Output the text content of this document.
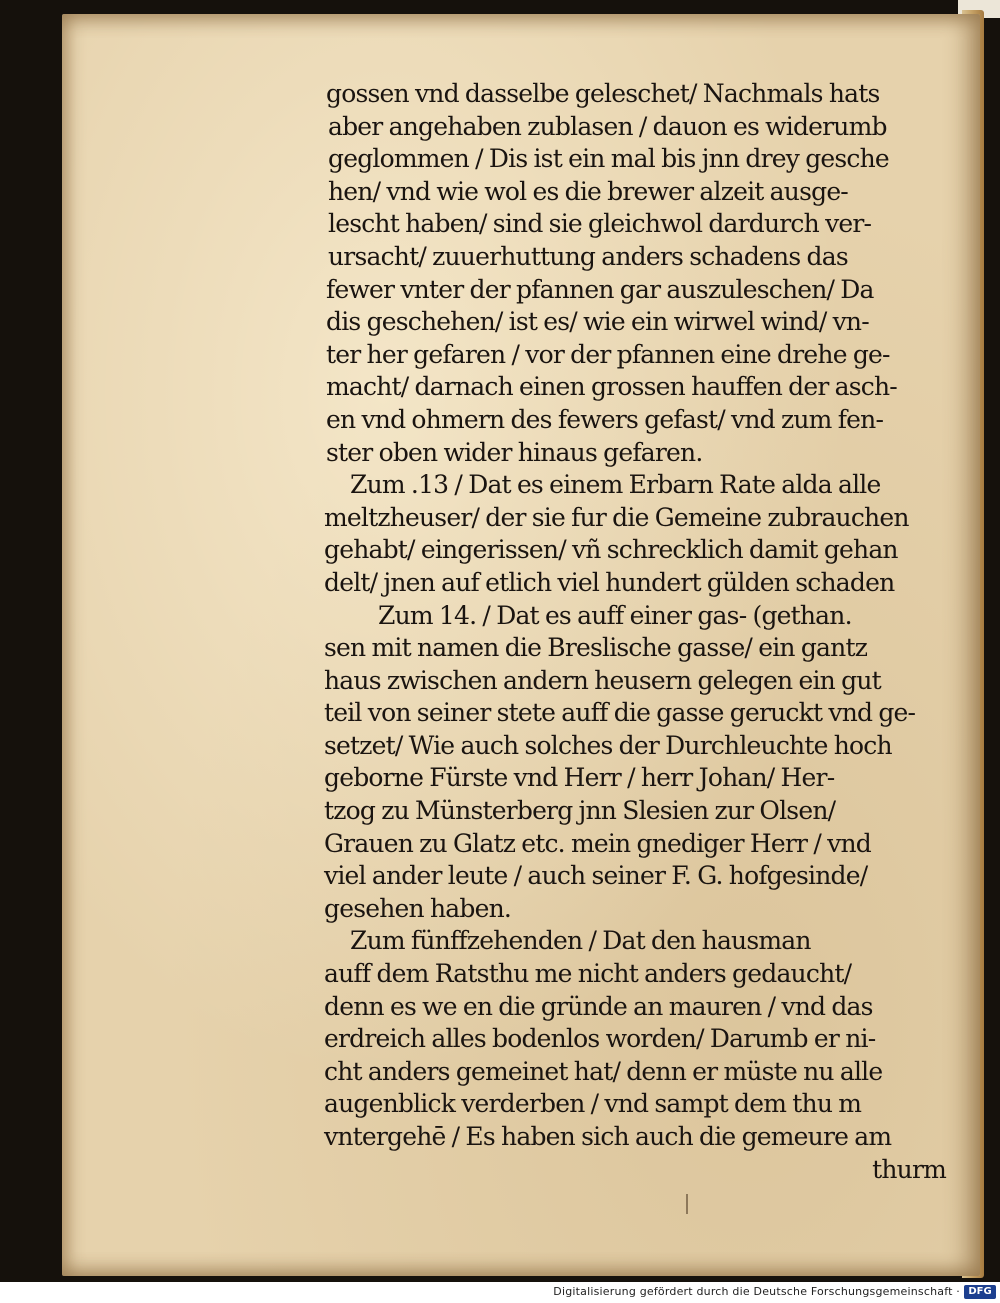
gossen vnd dasselbe geleschet/ Nachmals hats
aber angehaben zublasen / dauon es widerumb
geglommen / Dis ist ein mal bis jnn drey gesche
hen/ vnd wie wol es die brewer alzeit ausge-
lescht haben/ sind sie gleichwol dardurch ver-
ursacht/ zuuerhuttung anders schadens das
fewer vnter der pfannen gar auszuleschen/ Da
dis geschehen/ ist es/ wie ein wirwel wind/ vn-
ter her gefaren / vor der pfannen eine drehe ge-
macht/ darnach einen grossen hauffen der asch-
en vnd ohmern des fewers gefast/ vnd zum fen-
ster oben wider hinaus gefaren.
Zum .13 / Dat es einem Erbarn Rate alda alle
meltzheuser/ der sie fur die Gemeine zubrauchen
gehabt/ eingerissen/ vñ schrecklich damit gehan
delt/ jnen auf etlich viel hundert gülden schaden
Zum 14. / Dat es auff einer gas- (gethan.
sen mit namen die Breslische gasse/ ein gantz
haus zwischen andern heusern gelegen ein gut
teil von seiner stete auff die gasse geruckt vnd ge-
setzet/ Wie auch solches der Durchleuchte hoch
geborne Fürste vnd Herr / herr Johan/ Her-
tzog zu Münsterberg jnn Slesien zur Olsen/
Grauen zu Glatz etc. mein gnediger Herr / vnd
viel ander leute / auch seiner F. G. hofgesinde/
gesehen haben.
Zum fünffzehenden / Dat den hausman
auff dem Ratsthu me nicht anders gedaucht/
denn es we en die gründe an mauren / vnd das
erdreich alles bodenlos worden/ Darumb er ni-
cht anders gemeinet hat/ denn er müste nu alle
augenblick verderben / vnd sampt dem thu m
vntergehē / Es haben sich auch die gemeure am
thurm
Digitalisierung gefördert durch die Deutsche Forschungsgemeinschaft · DFG
